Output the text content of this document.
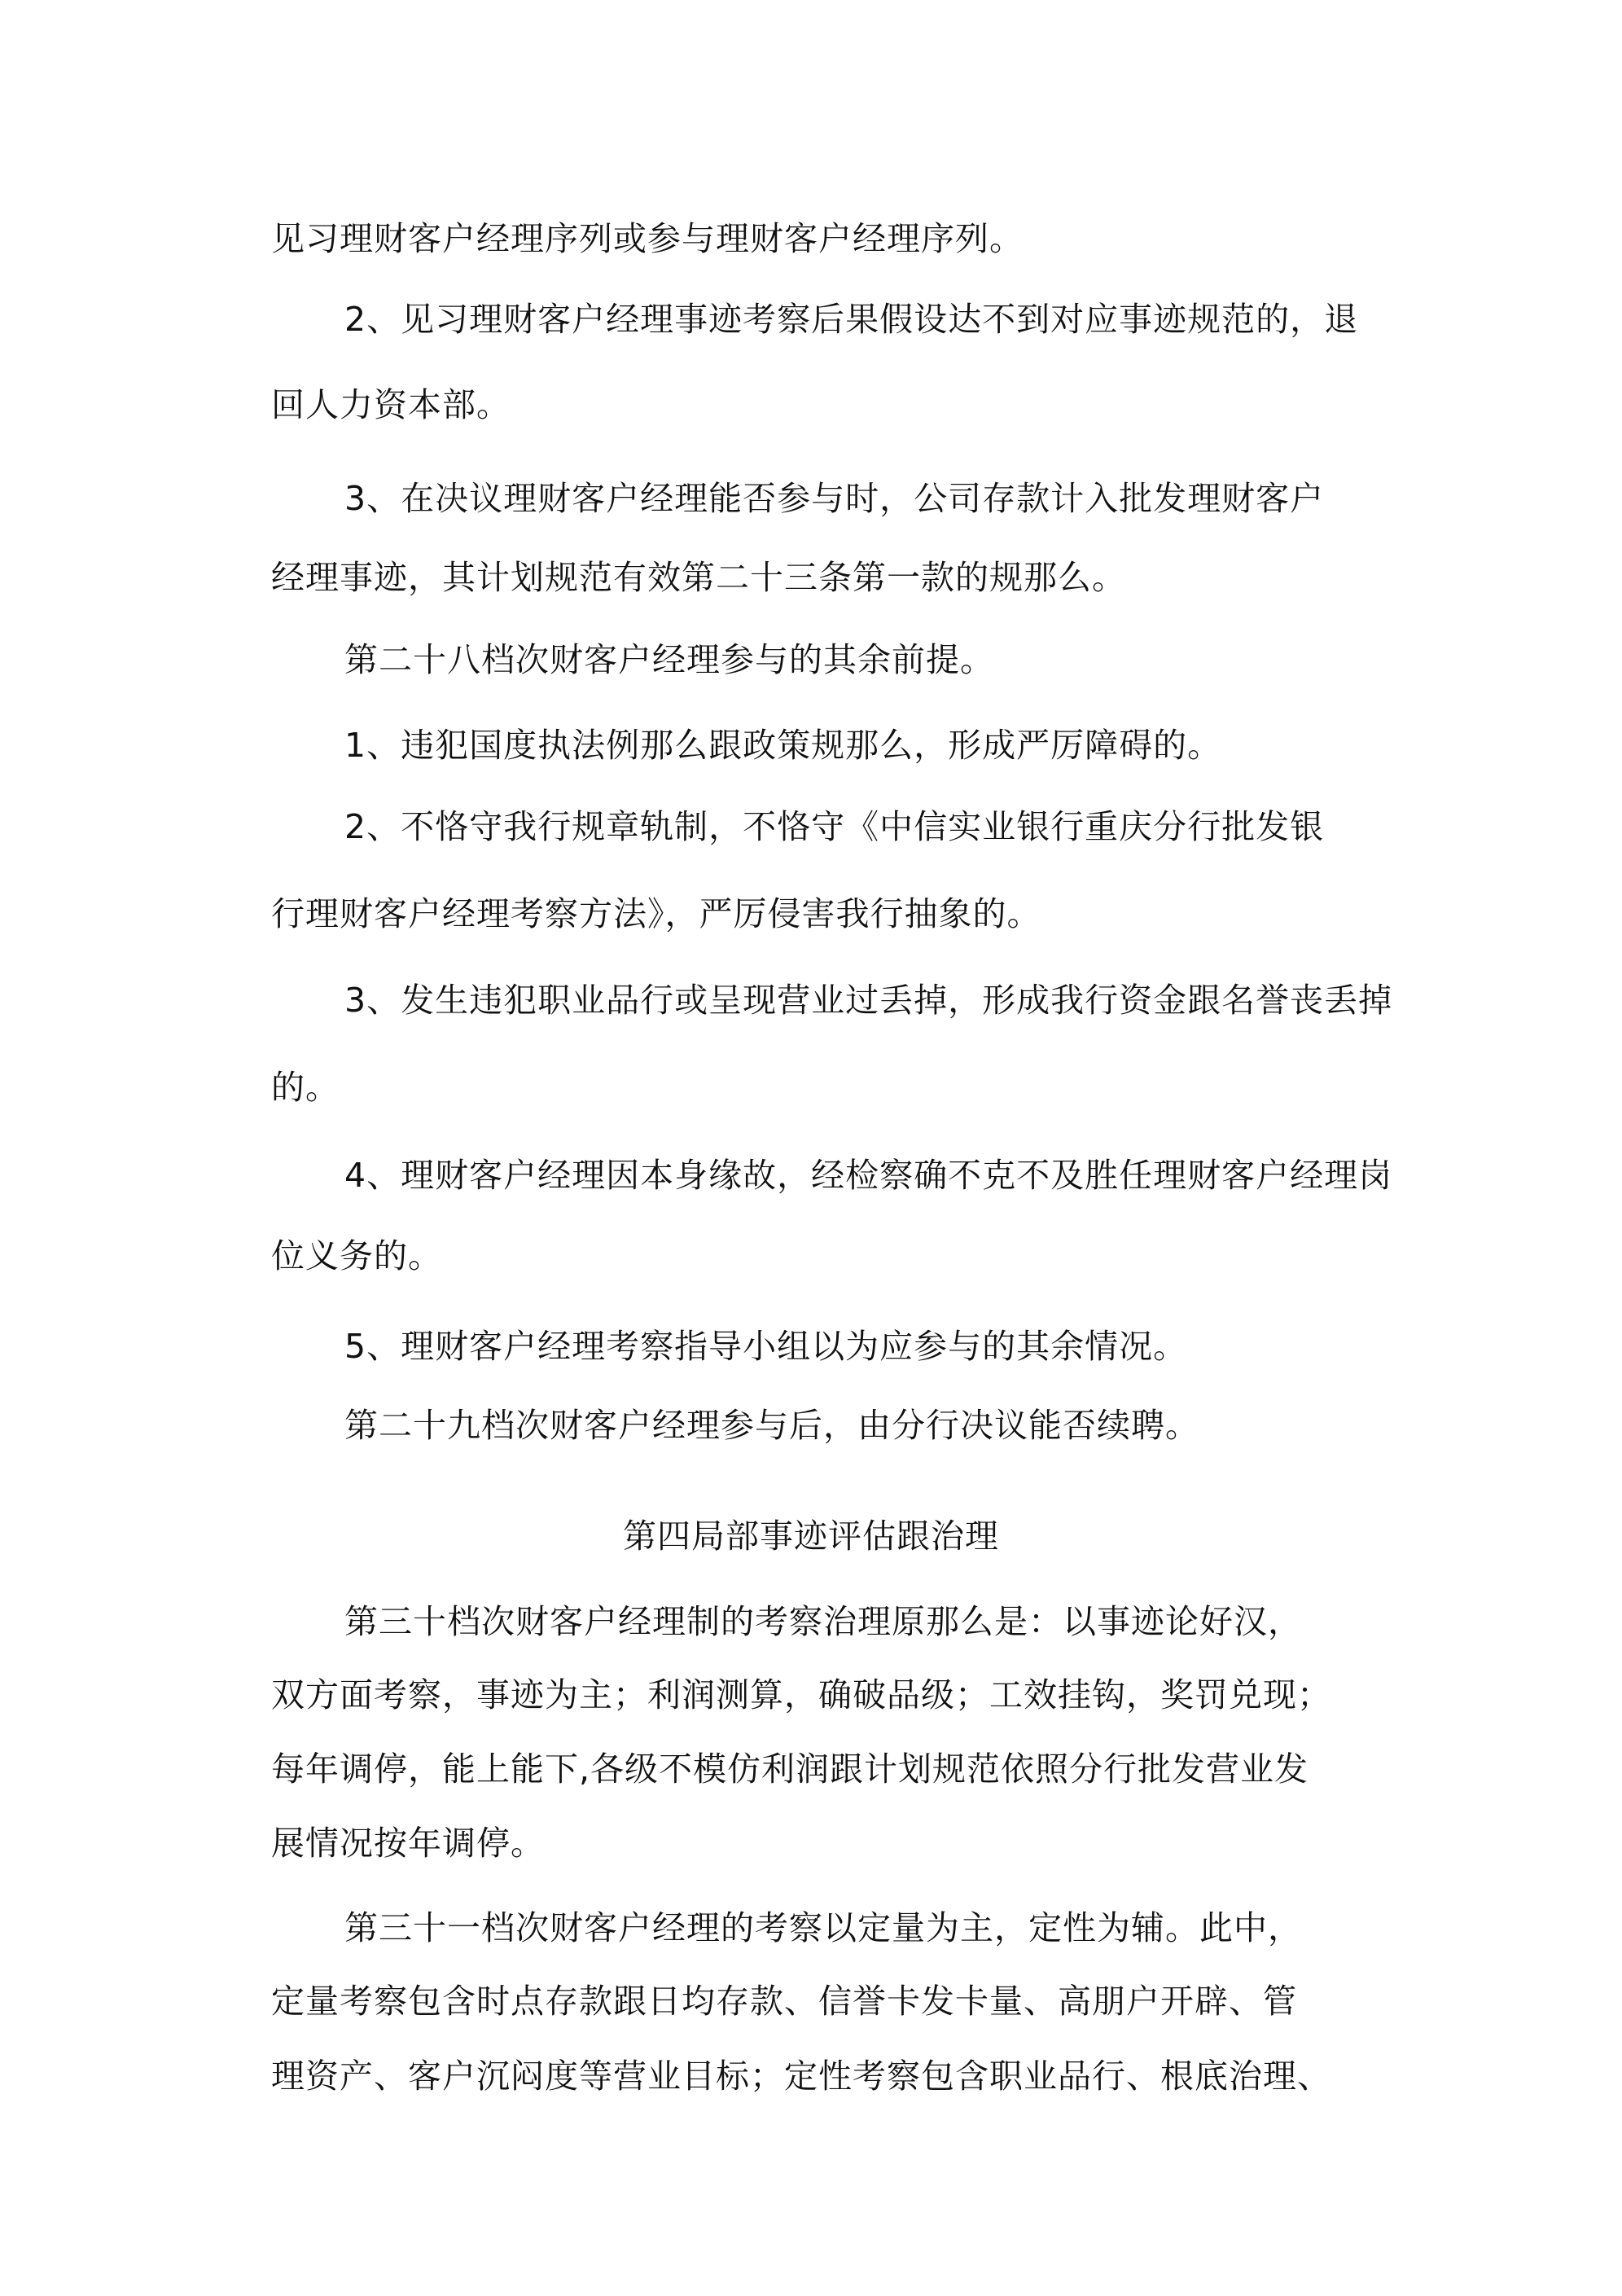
见习理财客户经理序列或参与理财客户经理序列。

2、见习理财客户经理事迹考察后果假设达不到对应事迹规范的，退

回人力资本部。

3、在决议理财客户经理能否参与时，公司存款计入批发理财客户

经理事迹，其计划规范有效第二十三条第一款的规那么。

第二十八档次财客户经理参与的其余前提。

1、违犯国度执法例那么跟政策规那么，形成严厉障碍的。

2、不恪守我行规章轨制，不恪守《中信实业银行重庆分行批发银

行理财客户经理考察方法》，严厉侵害我行抽象的。

3、发生违犯职业品行或呈现营业过丢掉，形成我行资金跟名誉丧丢掉

的。

4、理财客户经理因本身缘故，经检察确不克不及胜任理财客户经理岗

位义务的。

5、理财客户经理考察指导小组以为应参与的其余情况。

第二十九档次财客户经理参与后，由分行决议能否续聘。

第四局部事迹评估跟治理

第三十档次财客户经理制的考察治理原那么是：以事迹论好汉，

双方面考察，事迹为主；利润测算，确破品级；工效挂钩，奖罚兑现；

每年调停，能上能下,各级不模仿利润跟计划规范依照分行批发营业发

展情况按年调停。

第三十一档次财客户经理的考察以定量为主，定性为辅。此中，

定量考察包含时点存款跟日均存款、信誉卡发卡量、高朋户开辟、管

理资产、客户沉闷度等营业目标；定性考察包含职业品行、根底治理、
